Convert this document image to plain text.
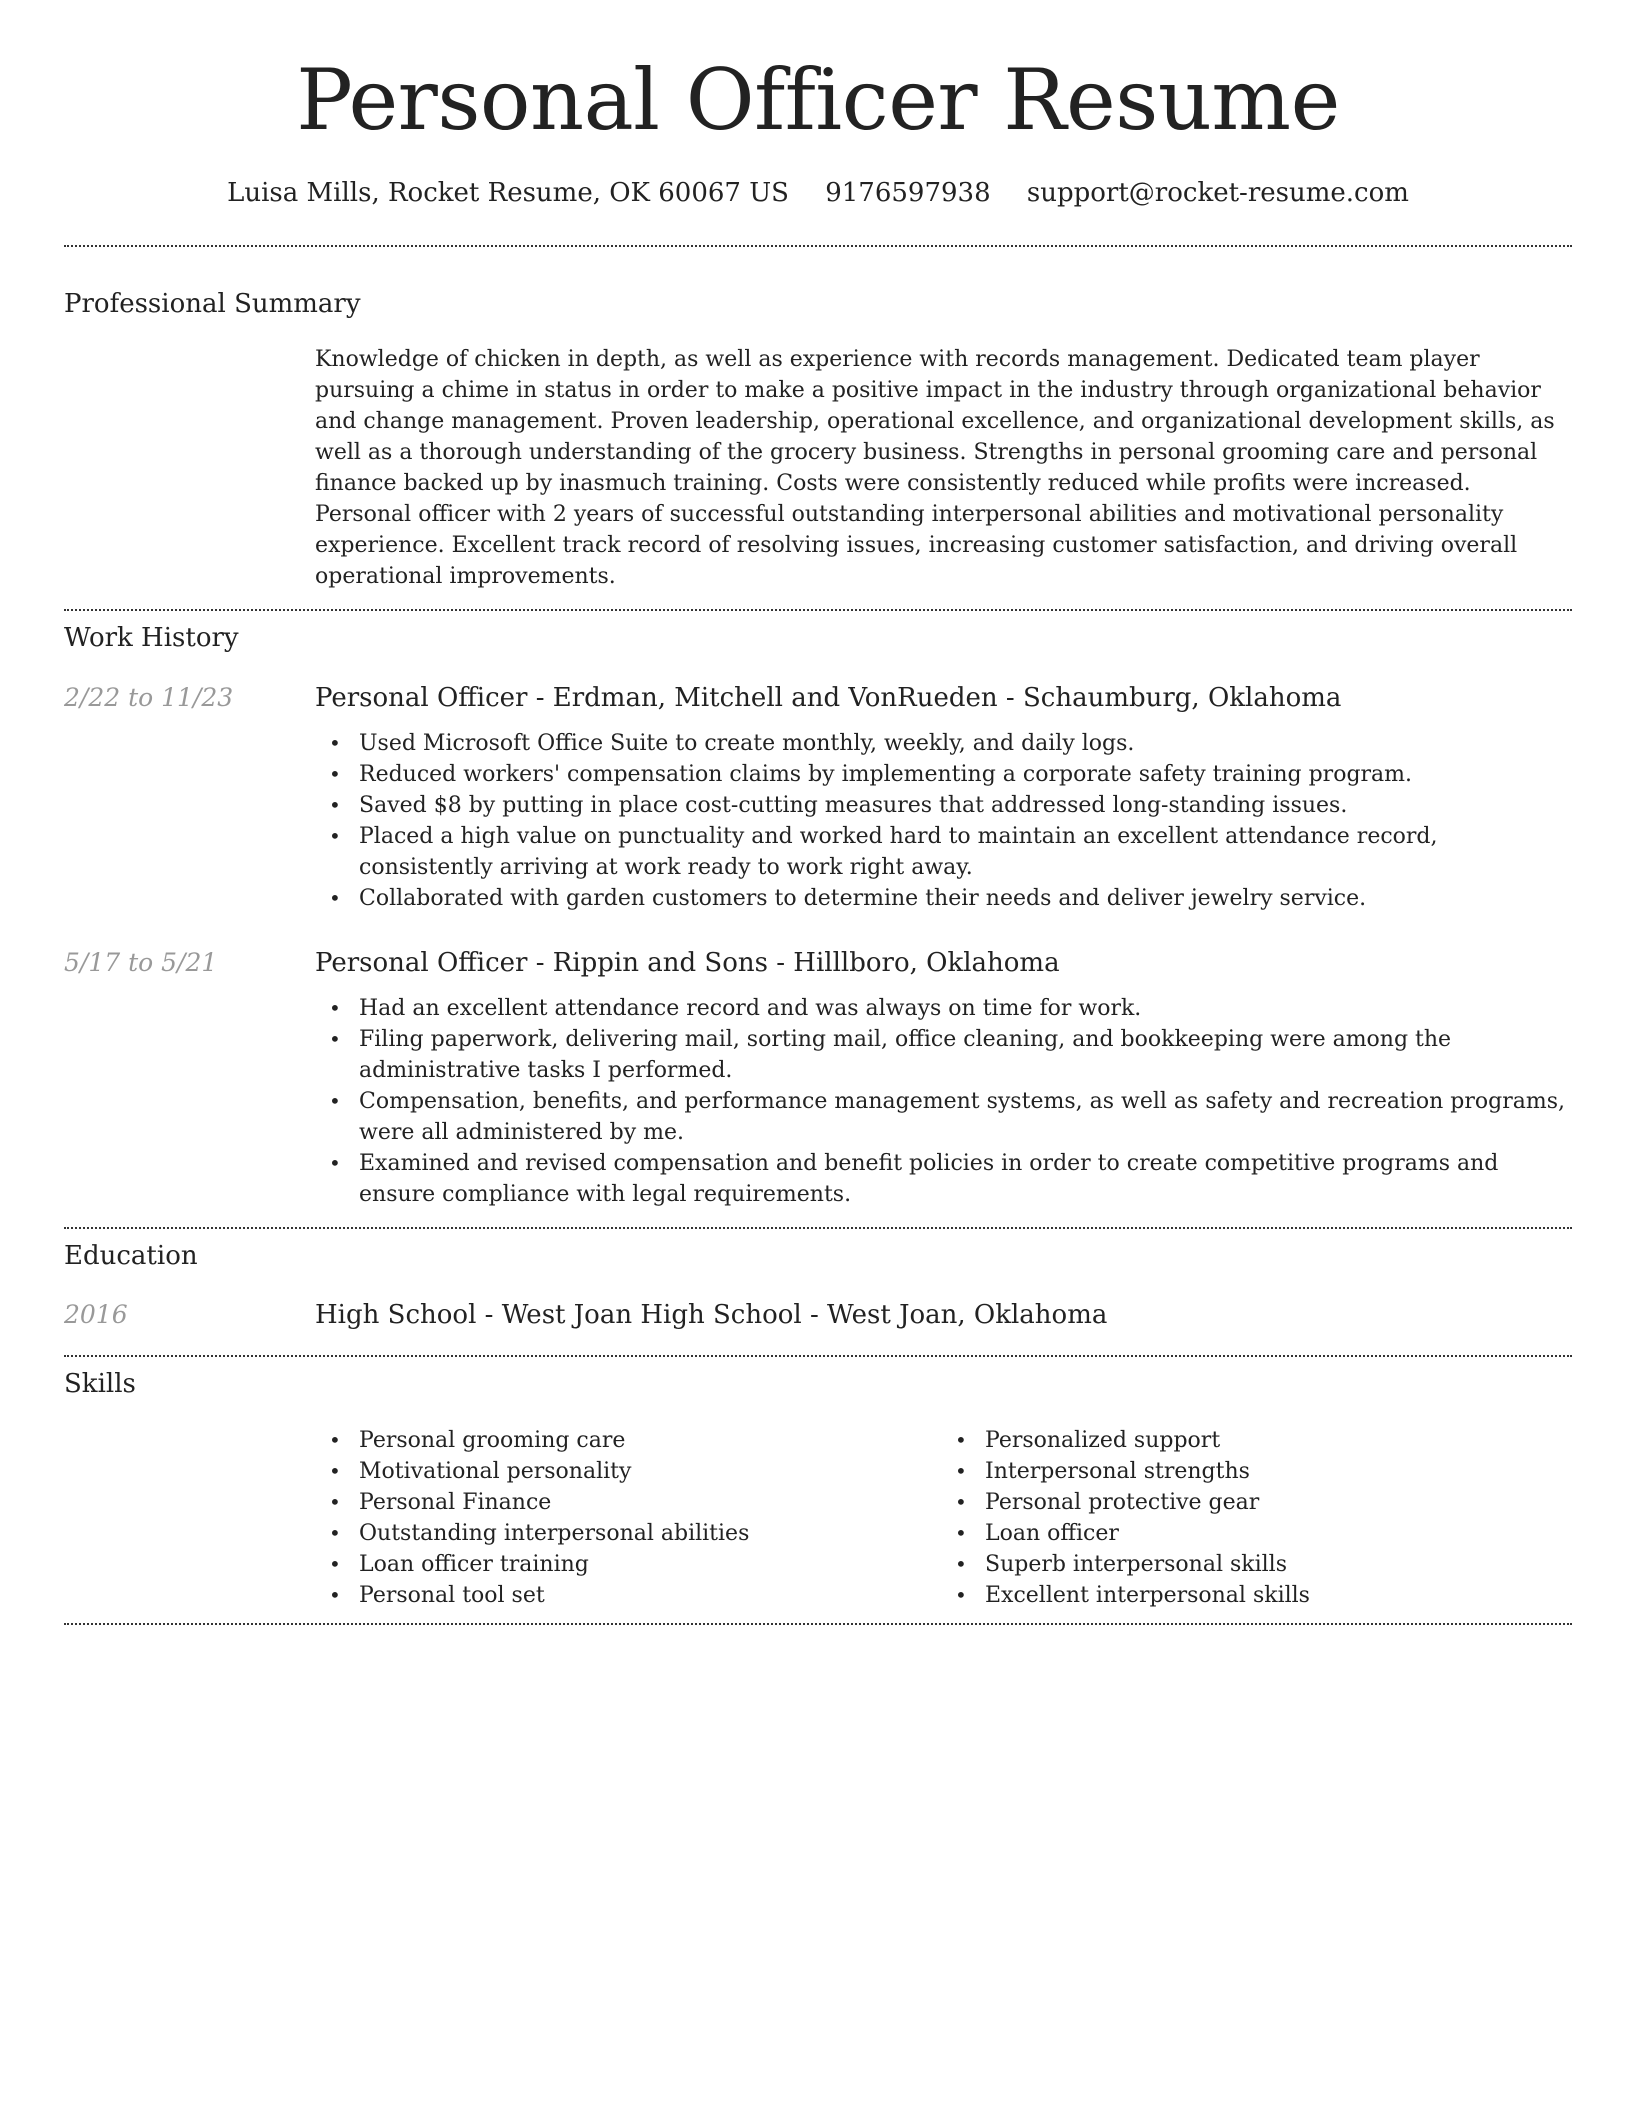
Personal Officer Resume
Luisa Mills, Rocket Resume, OK 60067 US 9176597938 support@rocket-resume.com
Professional Summary
Knowledge of chicken in depth, as well as experience with records management. Dedicated team player pursuing a chime in status in order to make a positive impact in the industry through organizational behavior and change management. Proven leadership, operational excellence, and organizational development skills, as well as a thorough understanding of the grocery business. Strengths in personal grooming care and personal finance backed up by inasmuch training. Costs were consistently reduced while profits were increased. Personal officer with 2 years of successful outstanding interpersonal abilities and motivational personality experience. Excellent track record of resolving issues, increasing customer satisfaction, and driving overall operational improvements.
Work History
2/22 to 11/23	Personal Officer - Erdman, Mitchell and VonRueden - Schaumburg, Oklahoma
• Used Microsoft Office Suite to create monthly, weekly, and daily logs.
• Reduced workers' compensation claims by implementing a corporate safety training program.
• Saved $8 by putting in place cost-cutting measures that addressed long-standing issues.
• Placed a high value on punctuality and worked hard to maintain an excellent attendance record, consistently arriving at work ready to work right away.
• Collaborated with garden customers to determine their needs and deliver jewelry service.
5/17 to 5/21	Personal Officer - Rippin and Sons - Hilllboro, Oklahoma
• Had an excellent attendance record and was always on time for work.
• Filing paperwork, delivering mail, sorting mail, office cleaning, and bookkeeping were among the administrative tasks I performed.
• Compensation, benefits, and performance management systems, as well as safety and recreation programs, were all administered by me.
• Examined and revised compensation and benefit policies in order to create competitive programs and ensure compliance with legal requirements.
Education
2016	High School - West Joan High School - West Joan, Oklahoma
Skills
• Personal grooming care
• Motivational personality
• Personal Finance
• Outstanding interpersonal abilities
• Loan officer training
• Personal tool set
• Personalized support
• Interpersonal strengths
• Personal protective gear
• Loan officer
• Superb interpersonal skills
• Excellent interpersonal skills
